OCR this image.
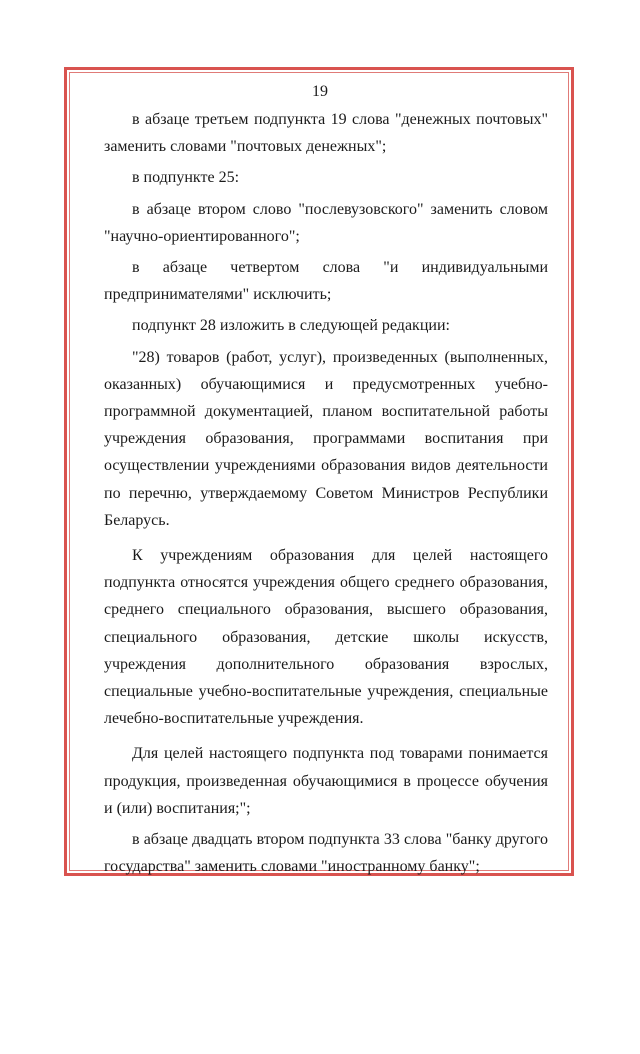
19

в абзаце третьем подпункта 19 слова "денежных почтовых" заменить словами "почтовых денежных";

в подпункте 25:

в абзаце втором слово "послевузовского" заменить словом "научно-ориентированного";

в абзаце четвертом слова "и индивидуальными предпринимателями" исключить;

подпункт 28 изложить в следующей редакции:

"28) товаров (работ, услуг), произведенных (выполненных, оказанных) обучающимися и предусмотренных учебно-программной документацией, планом воспитательной работы учреждения образования, программами воспитания при осуществлении учреждениями образования видов деятельности по перечню, утверждаемому Советом Министров Республики Беларусь.

К учреждениям образования для целей настоящего подпункта относятся учреждения общего среднего образования, среднего специального образования, высшего образования, специального образования, детские школы искусств, учреждения дополнительного образования взрослых, специальные учебно-воспитательные учреждения, специальные лечебно-воспитательные учреждения.

Для целей настоящего подпункта под товарами понимается продукция, произведенная обучающимися в процессе обучения и (или) воспитания;";

в абзаце двадцать втором подпункта 33 слова "банку другого государства" заменить словами "иностранному банку";
